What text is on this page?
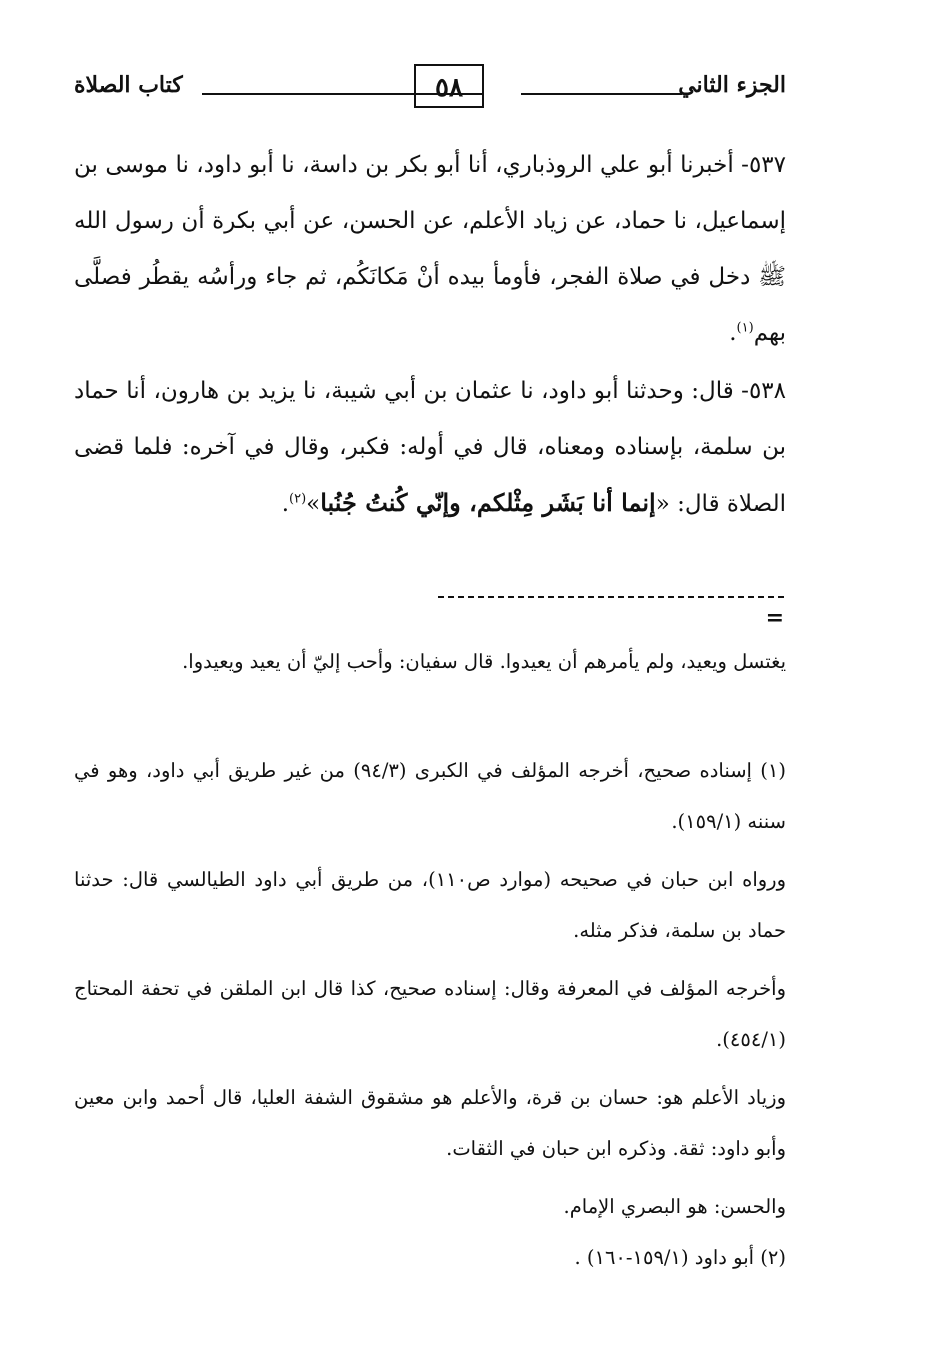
الجزء الثاني
٥٨
كتاب الصلاة
٥٣٧- أخبرنا أبو علي الروذباري، أنا أبو بكر بن داسة، نا أبو داود، نا موسى بن إسماعيل، نا حماد، عن زياد الأعلم، عن الحسن، عن أبي بكرة أن رسول الله ﷺ دخل في صلاة الفجر، فأومأ بيده أنْ مَكانَكُم، ثم جاء ورأسُه يقطُر فصلَّى بهم$^{(١)}$.
٥٣٨- قال: وحدثنا أبو داود، نا عثمان بن أبي شيبة، نا يزيد بن هارون، أنا حماد بن سلمة، بإسناده ومعناه، قال في أوله: فكبر، وقال في آخره: فلما قضى الصلاة قال: «إنما أنا بَشَر مِثْلكم، وإنّي كُنتُ جُنُبا»$^{(٢)}$.
=
يغتسل ويعيد، ولم يأمرهم أن يعيدوا. قال سفيان: وأحب إليّ أن يعيد ويعيدوا.
(١) إسناده صحيح، أخرجه المؤلف في الكبرى (٩٤/٣) من غير طريق أبي داود، وهو في سننه (١٥٩/١).
ورواه ابن حبان في صحيحه (موارد ص١١٠)، من طريق أبي داود الطيالسي قال: حدثنا حماد بن سلمة، فذكر مثله.
وأخرجه المؤلف في المعرفة وقال: إسناده صحيح، كذا قال ابن الملقن في تحفة المحتاج (٤٥٤/١).
وزياد الأعلم هو: حسان بن قرة، والأعلم هو مشقوق الشفة العليا، قال أحمد وابن معين وأبو داود: ثقة. وذكره ابن حبان في الثقات.
والحسن: هو البصري الإمام.
(٢) أبو داود (١٥٩/١-١٦٠) .
